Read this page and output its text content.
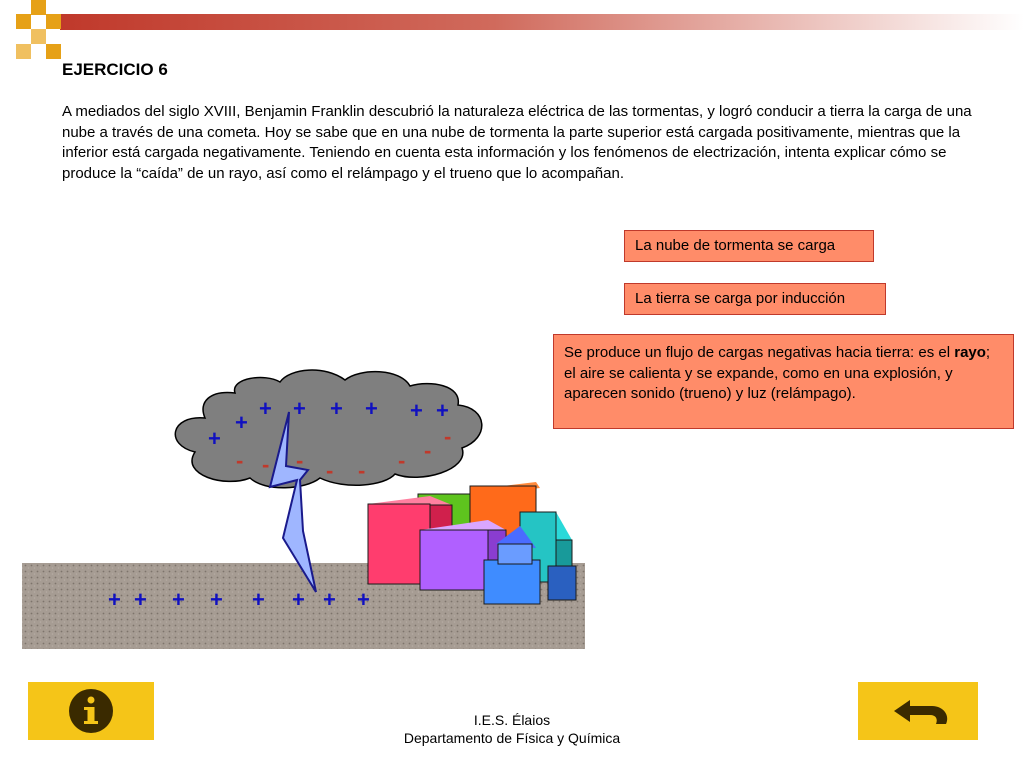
EJERCICIO 6
A mediados del siglo XVIII, Benjamin Franklin descubrió la naturaleza eléctrica de las tormentas, y logró conducir a tierra la carga de una nube a través de una cometa. Hoy se sabe que en una nube de tormenta la parte superior está cargada positivamente, mientras que la inferior está cargada negativamente. Teniendo en cuenta esta información y los fenómenos de electrización, intenta explicar cómo se produce la “caída” de un rayo, así como el relámpago y el trueno que lo acompañan.
La nube de tormenta se carga
La tierra se carga por inducción
Se produce un flujo de cargas negativas hacia tierra: es el rayo; el aire se calienta y se expande, como en una explosión, y aparecen sonido (trueno) y luz (relámpago).
+
+
+ + + + + +
- - - - - - -
-
+ + + + + + + +
I.E.S. Élaios
Departamento de Física y Química
